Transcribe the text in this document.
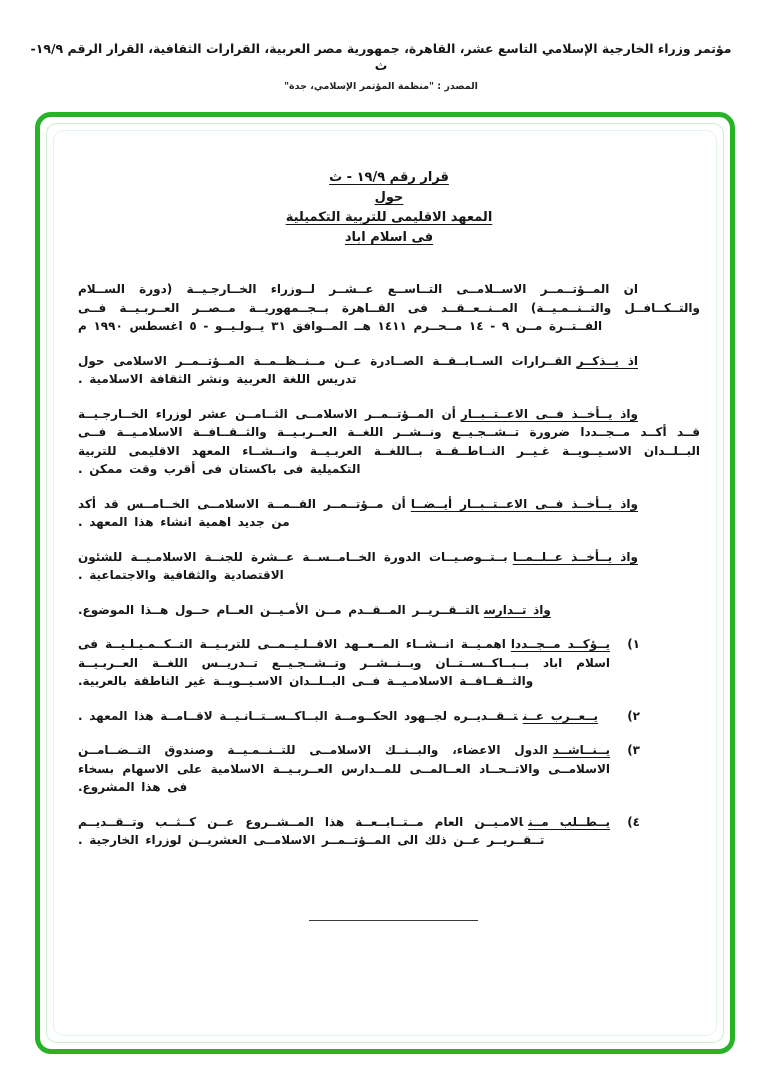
مؤتمر وزراء الخارجية الإسلامي التاسع عشر، القاهرة، جمهورية مصر العربية، القرارات الثقافية، القرار الرقم ١٩/٩-ث
المصدر : "منظمة المؤتمر الإسلامي، جدة"
قرار رقم ١٩/٩ - ث
حول
المعهد الاقليمى للتربية التكميلية
فى اسلام اباد

ان المــؤتــمــر الاســلامــى التــاســع عــشــر لــوزراء الخــارجـيــة (دورة الســلام والتــكــافــل والتــنــمـيــة) المــنــعــقــد فى القــاهرة بــجــمهوريــة مــصــر العــربـيــة فــى الفــتــرة مــن ٩ - ١٤ مــحــرم ١٤١١ هــ المــوافق ٣١ يــولـيــو - ٥ اغسطس ١٩٩٠ م

اذ يــذكــرالقــرارات الســابــقــة الصــادرة عــن مــنــظــمــة المــؤتــمــر الاسلامى حول تدريس اللغة العربية ونشر الثقافة الاسلامية .

واذ يــأخــذ فــى الاعــتــبــارأن المــؤتــمــر الاسلامــى الثــامــن عشر لوزراء الخــارجـيــة قــد أكــد مــجــددا ضرورة تــشــجـيــع ونــشــر اللغــة العــربـيــة والثــقــافــة الاسلامـيــة فــى البــلــدان الاسـيــويــة غـيــر النــاطــقــة بــاللغــة العربـيــة وانــشــاء المعهد الاقليمى للتربية التكميلية فى باكستان فى أقرب وقت ممكن .

واذ يــأخــذ فــى الاعــتــبــار أيــضــاأن مــؤتــمــر القــمــة الاسلامــى الخــامــس قد أكد من جديد اهمية انشاء هذا المعهد .

واذ يــأخــذ عــلــمــابــتــوصـيــات الدورة الخــامــســة عــشرة للجنــة الاسلامـيــة للشئون الاقتصادية والثقافية والاجتماعية .

واذ تــدارسالتــقــريــر المــقــدم مــن الأمـيــن العــام حــول هــذا الموضوع.

١)
يــؤكــد مــجــددااهمـيــة انــشــاء المــعــهد الاقــلـيــمــى للتربـيــة التــكــمـيـلـيــة فى اسلام اباد بــبــاكــســتــان وبــنــشــر وتــشــجـيــع تــدريــس اللغــة العــربـيــة والثــقــافــة الاسلامـيــة فــى البــلــدان الاسـيــويــة غير الناطقة بالعربية.
٢)
يــعــرب عــنتــقــديــره لجــهود الحكــومــة البــاكــســتــانـيــة لاقــامــة هذا المعهد .
٣)
يــنــاشــدالدول الاعضاء، والبــنــك الاسلامــى للتــنــمـيــة وصندوق التــضــامــن الاسلامــى والاتــحــاد العــالمــى للمــدارس العــربـيــة الاسلامية على الاسهام بسخاء فى هذا المشروع.
٤)
يــطــلب مــنالامـيــن العام مــتــابــعــة هذا المــشــروع عــن كــثــب وتــقــديــم تــقــريــر عــن ذلك الى المــؤتــمــر الاسلامــى العشريــن لوزراء الخارجية .
